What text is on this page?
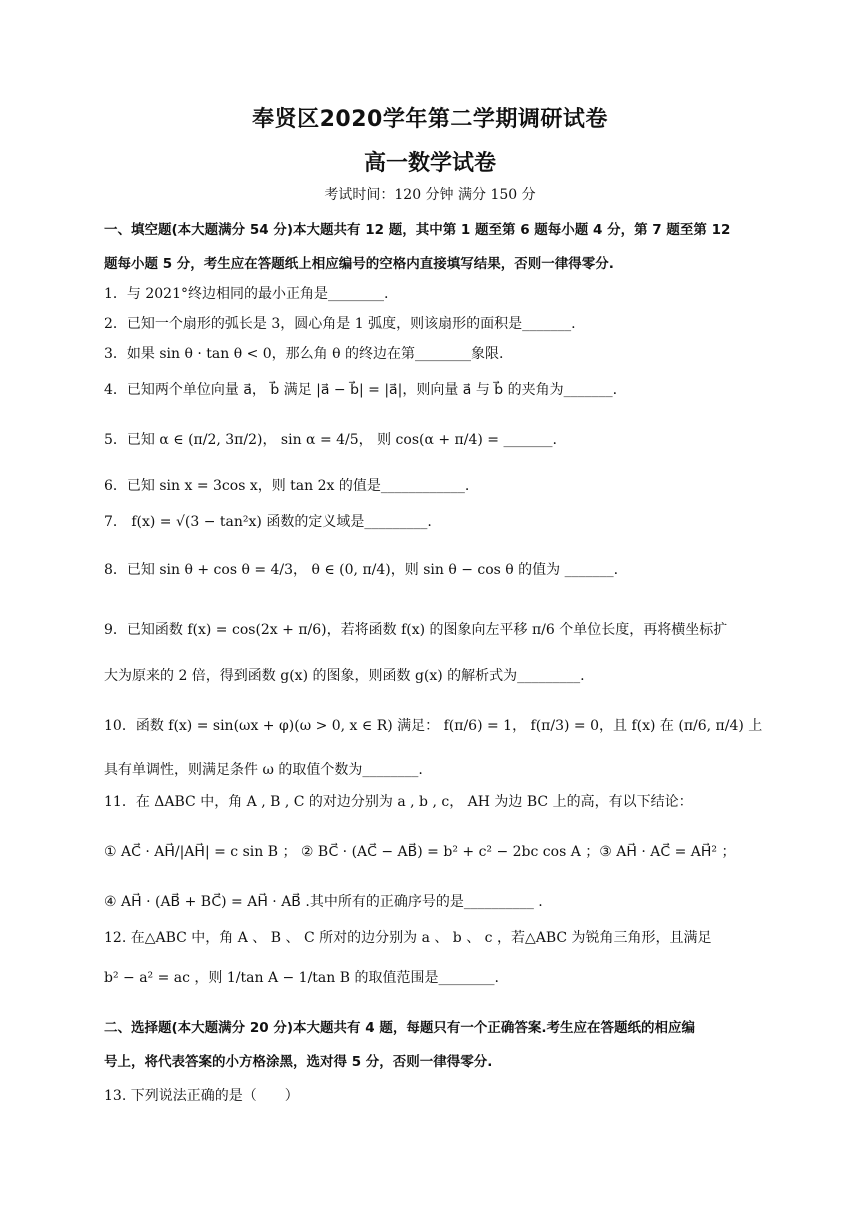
奉贤区2020学年第二学期调研试卷
高一数学试卷
考试时间：120 分钟 满分 150 分
一、填空题(本大题满分 54 分)本大题共有 12 题，其中第 1 题至第 6 题每小题 4 分，第 7 题至第 12
题每小题 5 分，考生应在答题纸上相应编号的空格内直接填写结果，否则一律得零分.
1．与 2021°终边相同的最小正角是________.
2．已知一个扇形的弧长是 3，圆心角是 1 弧度，则该扇形的面积是_______.
3．如果 sin θ · tan θ < 0，那么角 θ 的终边在第________象限.
4．已知两个单位向量 a⃗， b⃗ 满足 |a⃗ − b⃗| = |a⃗|，则向量 a⃗ 与 b⃗ 的夹角为_______.
5．已知 α ∈ (π/2, 3π/2)， sin α = 4/5， 则 cos(α + π/4) = _______.
6．已知 sin x = 3cos x，则 tan 2x 的值是____________.
7． f(x) = √(3 − tan²x) 函数的定义域是_________.
8．已知 sin θ + cos θ = 4/3， θ ∈ (0, π/4)，则 sin θ − cos θ 的值为 _______.
9．已知函数 f(x) = cos(2x + π/6)，若将函数 f(x) 的图象向左平移 π/6 个单位长度，再将横坐标扩
大为原来的 2 倍，得到函数 g(x) 的图象，则函数 g(x) 的解析式为_________.
10．函数 f(x) = sin(ωx + φ)(ω > 0, x ∈ R) 满足： f(π/6) = 1， f(π/3) = 0，且 f(x) 在 (π/6, π/4) 上
具有单调性，则满足条件 ω 的取值个数为________.
11．在 ΔABC 中，角 A , B , C 的对边分别为 a , b , c， AH 为边 BC 上的高，有以下结论：
① AC⃗ · AH⃗/|AH⃗| = c sin B ； ② BC⃗ · (AC⃗ − AB⃗) = b² + c² − 2bc cos A ；③ AH⃗ · AC⃗ = AH⃗² ；
④ AH⃗ · (AB⃗ + BC⃗) = AH⃗ · AB⃗ .其中所有的正确序号的是__________ .
12. 在△ABC 中，角 A 、 B 、 C 所对的边分别为 a 、 b 、 c ，若△ABC 为锐角三角形，且满足
b² − a² = ac ，则 1/tan A − 1/tan B 的取值范围是________.
二、选择题(本大题满分 20 分)本大题共有 4 题，每题只有一个正确答案.考生应在答题纸的相应编
号上，将代表答案的小方格涂黑，选对得 5 分，否则一律得零分.
13. 下列说法正确的是（　　）
